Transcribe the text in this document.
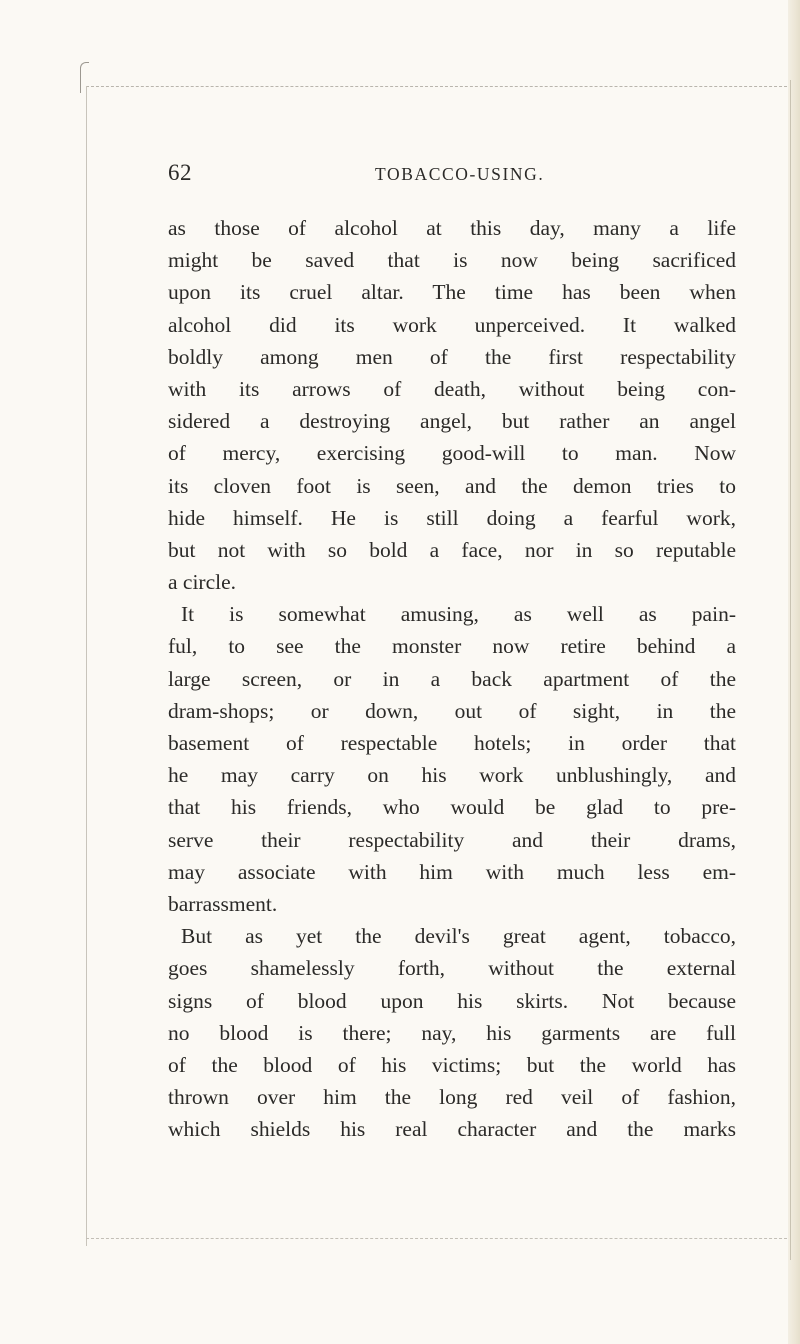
62	TOBACCO-USING.
as those of alcohol at this day, many a life
might be saved that is now being sacrificed
upon its cruel altar. The time has been when
alcohol did its work unperceived. It walked
boldly among men of the first respectability
with its arrows of death, without being con-
sidered a destroying angel, but rather an angel
of mercy, exercising good-will to man. Now
its cloven foot is seen, and the demon tries to
hide himself. He is still doing a fearful work,
but not with so bold a face, nor in so reputable
a circle.
It is somewhat amusing, as well as pain-
ful, to see the monster now retire behind a
large screen, or in a back apartment of the
dram-shops; or down, out of sight, in the
basement of respectable hotels; in order that
he may carry on his work unblushingly, and
that his friends, who would be glad to pre-
serve their respectability and their drams,
may associate with him with much less em-
barrassment.
But as yet the devil's great agent, tobacco,
goes shamelessly forth, without the external
signs of blood upon his skirts. Not because
no blood is there; nay, his garments are full
of the blood of his victims; but the world has
thrown over him the long red veil of fashion,
which shields his real character and the marks
